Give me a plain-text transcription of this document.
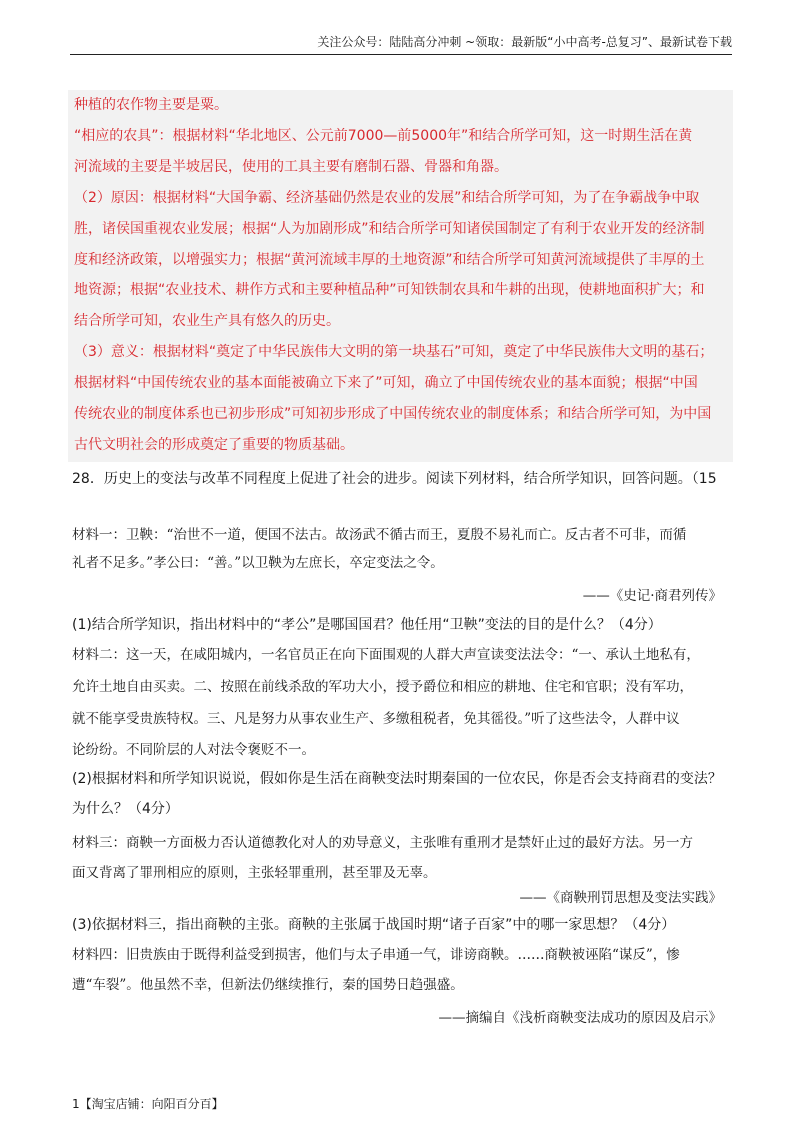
关注公众号：陆陆高分冲刺 ~领取：最新版“小中高考-总复习”、最新试卷下载

种植的农作物主要是粟。

“相应的农具”：根据材料“华北地区、公元前7000—前5000年”和结合所学可知，这一时期生活在黄

河流域的主要是半坡居民，使用的工具主要有磨制石器、骨器和角器。

（2）原因：根据材料“大国争霸、经济基础仍然是农业的发展”和结合所学可知，为了在争霸战争中取

胜，诸侯国重视农业发展；根据“人为加剧形成”和结合所学可知诸侯国制定了有利于农业开发的经济制

度和经济政策，以增强实力；根据“黄河流域丰厚的土地资源”和结合所学可知黄河流域提供了丰厚的土

地资源；根据“农业技术、耕作方式和主要种植品种”可知铁制农具和牛耕的出现，使耕地面积扩大；和

结合所学可知，农业生产具有悠久的历史。

（3）意义：根据材料“奠定了中华民族伟大文明的第一块基石”可知，奠定了中华民族伟大文明的基石；

根据材料“中国传统农业的基本面能被确立下来了”可知，确立了中国传统农业的基本面貌；根据“中国

传统农业的制度体系也已初步形成”可知初步形成了中国传统农业的制度体系；和结合所学可知，为中国

古代文明社会的形成奠定了重要的物质基础。

28．历史上的变法与改革不同程度上促进了社会的进步。阅读下列材料，结合所学知识，回答问题。（15
材料一：卫鞅：“治世不一道，便国不法古。故汤武不循古而王，夏殷不易礼而亡。反古者不可非，而循
礼者不足多。”孝公曰：“善。”以卫鞅为左庶长，卒定变法之令。
——《史记·商君列传》
(1)结合所学知识，指出材料中的“孝公”是哪国国君？他任用“卫鞅”变法的目的是什么？（4分）
材料二：这一天，在咸阳城内，一名官员正在向下面围观的人群大声宣读变法法令：“一、承认土地私有，
允许土地自由买卖。二、按照在前线杀敌的军功大小，授予爵位和相应的耕地、住宅和官职；没有军功，
就不能享受贵族特权。三、凡是努力从事农业生产、多缴租税者，免其徭役。”听了这些法令，人群中议
论纷纷。不同阶层的人对法令褒贬不一。
(2)根据材料和所学知识说说，假如你是生活在商鞅变法时期秦国的一位农民，你是否会支持商君的变法？
为什么？（4分）
材料三：商鞅一方面极力否认道德教化对人的劝导意义，主张唯有重刑才是禁奸止过的最好方法。另一方
面又背离了罪刑相应的原则，主张轻罪重刑，甚至罪及无辜。
——《商鞅刑罚思想及变法实践》
(3)依据材料三，指出商鞅的主张。商鞅的主张属于战国时期“诸子百家”中的哪一家思想？（4分）
材料四：旧贵族由于既得利益受到损害，他们与太子串通一气，诽谤商鞅。……商鞅被诬陷“谋反”，惨
遭“车裂”。他虽然不幸，但新法仍继续推行，秦的国势日趋强盛。
——摘编自《浅析商鞅变法成功的原因及启示》
1【淘宝店铺：向阳百分百】
